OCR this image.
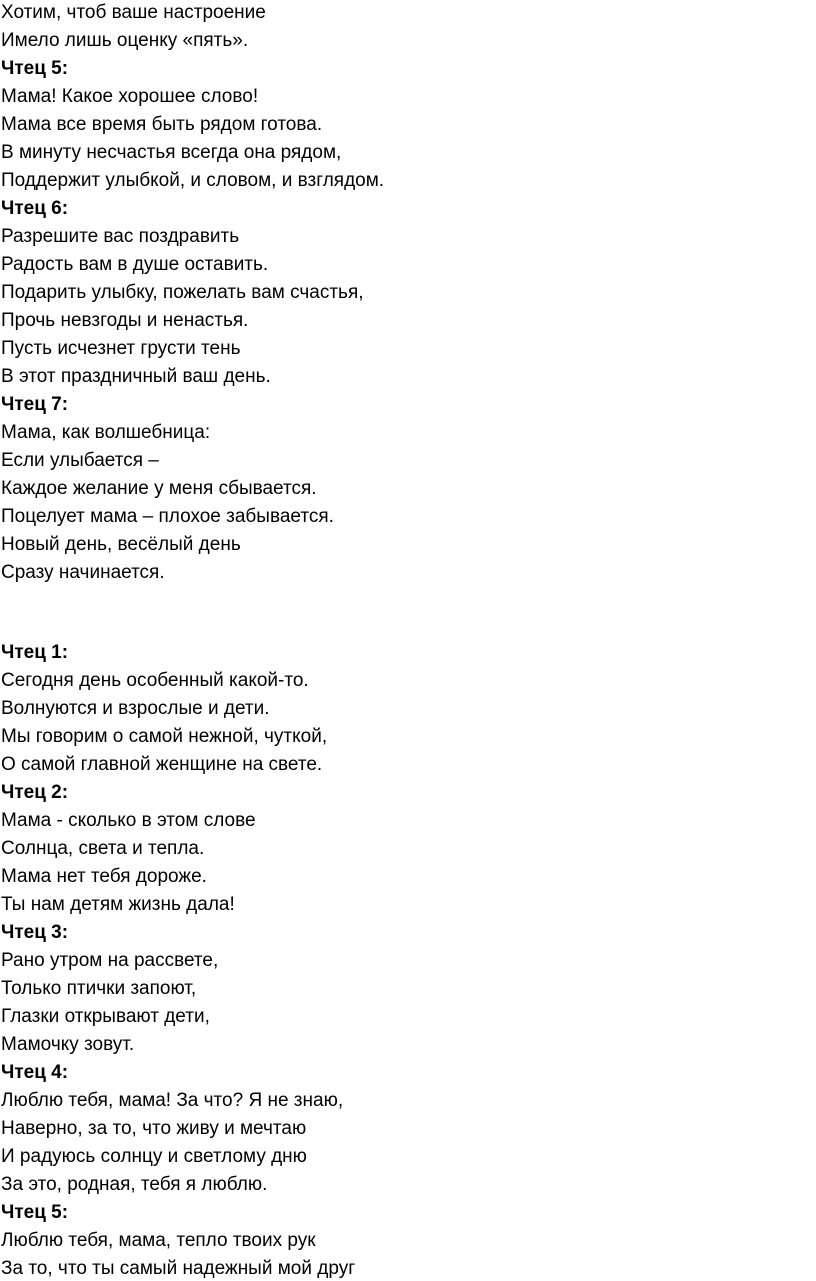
Хотим, чтоб ваше настроение
Имело лишь оценку «пять».
Чтец 5:
Мама! Какое хорошее слово!
Мама все время быть рядом готова.
В минуту несчастья всегда она рядом,
Поддержит улыбкой, и словом, и взглядом.
Чтец 6:
Разрешите вас поздравить
Радость вам в душе оставить.
Подарить улыбку, пожелать вам счастья,
Прочь невзгоды и ненастья.
Пусть исчезнет грусти тень
В этот праздничный ваш день.
Чтец 7:
Мама, как волшебница:
Если улыбается –
Каждое желание у меня сбывается.
Поцелует мама – плохое забывается.
Новый день, весёлый день
Сразу начинается.
Чтец 1:
Сегодня день особенный какой-то.
Волнуются и взрослые и дети.
Мы говорим о самой нежной, чуткой,
О самой главной женщине на свете.
Чтец 2:
Мама - сколько в этом слове
Солнца, света и тепла.
Мама нет тебя дороже.
Ты нам детям жизнь дала!
Чтец 3:
Рано утром на рассвете,
Только птички запоют,
Глазки открывают дети,
Мамочку зовут.
Чтец 4:
Люблю тебя, мама! За что? Я не знаю,
Наверно, за то, что живу и мечтаю
И радуюсь солнцу и светлому дню
За это, родная, тебя я люблю.
Чтец 5:
Люблю тебя, мама, тепло твоих рук
За то, что ты самый надежный мой друг
